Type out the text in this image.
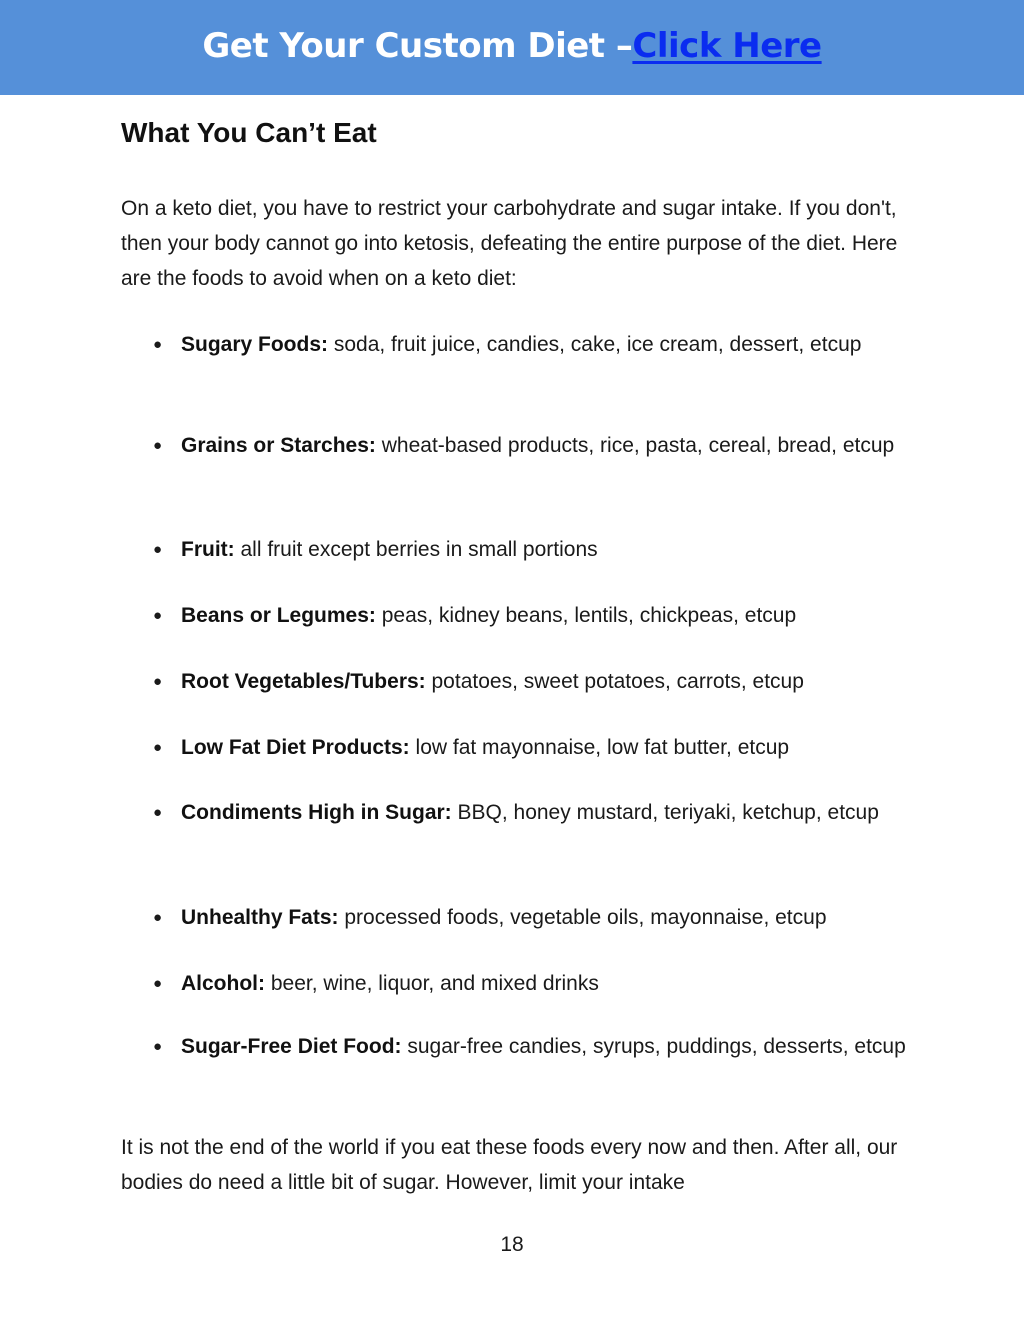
Get Your Custom Diet – Click Here
What You Can’t Eat

On a keto diet, you have to restrict your carbohydrate and sugar intake. If you don't, then your body cannot go into ketosis, defeating the entire purpose of the diet. Here are the foods to avoid when on a keto diet:

● Sugary Foods: soda, fruit juice, candies, cake, ice cream, dessert, etcup
● Grains or Starches: wheat-based products, rice, pasta, cereal, bread, etcup
● Fruit: all fruit except berries in small portions
● Beans or Legumes: peas, kidney beans, lentils, chickpeas, etcup
● Root Vegetables/Tubers: potatoes, sweet potatoes, carrots, etcup
● Low Fat Diet Products: low fat mayonnaise, low fat butter, etcup
● Condiments High in Sugar: BBQ, honey mustard, teriyaki, ketchup, etcup
● Unhealthy Fats: processed foods, vegetable oils, mayonnaise, etcup
● Alcohol: beer, wine, liquor, and mixed drinks
● Sugar-Free Diet Food: sugar-free candies, syrups, puddings, desserts, etcup

It is not the end of the world if you eat these foods every now and then. After all, our bodies do need a little bit of sugar. However, limit your intake

18
